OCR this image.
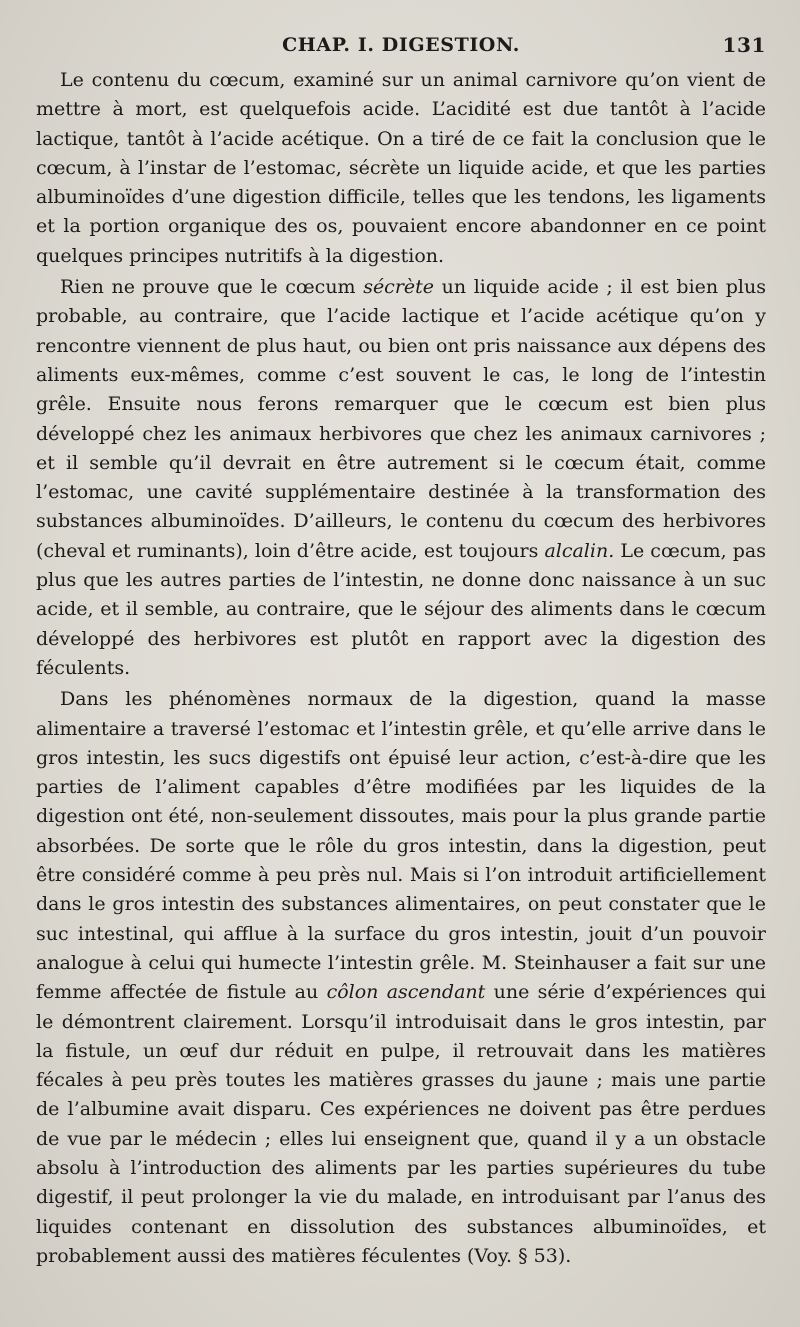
CHAP. I. DIGESTION.	131

Le contenu du cœcum, examiné sur un animal carnivore qu’on vient de mettre à mort, est quelquefois acide. L’acidité est due tantôt à l’acide lactique, tantôt à l’acide acétique. On a tiré de ce fait la conclusion que le cœcum, à l’instar de l’estomac, sécrète un liquide acide, et que les parties albuminoïdes d’une digestion difficile, telles que les tendons, les ligaments et la portion organique des os, pouvaient encore abandonner en ce point quelques principes nutritifs à la digestion.

Rien ne prouve que le cœcum sécrète un liquide acide ; il est bien plus probable, au contraire, que l’acide lactique et l’acide acétique qu’on y rencontre viennent de plus haut, ou bien ont pris naissance aux dépens des aliments eux-mêmes, comme c’est souvent le cas, le long de l’intestin grêle. Ensuite nous ferons remarquer que le cœcum est bien plus développé chez les animaux herbivores que chez les animaux carnivores ; et il semble qu’il devrait en être autrement si le cœcum était, comme l’estomac, une cavité supplémentaire destinée à la transformation des substances albuminoïdes. D’ailleurs, le contenu du cœcum des herbivores (cheval et ruminants), loin d’être acide, est toujours alcalin. Le cœcum, pas plus que les autres parties de l’intestin, ne donne donc naissance à un suc acide, et il semble, au contraire, que le séjour des aliments dans le cœcum développé des herbivores est plutôt en rapport avec la digestion des féculents.

Dans les phénomènes normaux de la digestion, quand la masse alimentaire a traversé l’estomac et l’intestin grêle, et qu’elle arrive dans le gros intestin, les sucs digestifs ont épuisé leur action, c’est-à-dire que les parties de l’aliment capables d’être modifiées par les liquides de la digestion ont été, non-seulement dissoutes, mais pour la plus grande partie absorbées. De sorte que le rôle du gros intestin, dans la digestion, peut être considéré comme à peu près nul. Mais si l’on introduit artificiellement dans le gros intestin des substances alimentaires, on peut constater que le suc intestinal, qui afflue à la surface du gros intestin, jouit d’un pouvoir analogue à celui qui humecte l’intestin grêle. M. Steinhauser a fait sur une femme affectée de fistule au côlon ascendant une série d’expériences qui le démontrent clairement. Lorsqu’il introduisait dans le gros intestin, par la fistule, un œuf dur réduit en pulpe, il retrouvait dans les matières fécales à peu près toutes les matières grasses du jaune ; mais une partie de l’albumine avait disparu. Ces expériences ne doivent pas être perdues de vue par le médecin ; elles lui enseignent que, quand il y a un obstacle absolu à l’introduction des aliments par les parties supérieures du tube digestif, il peut prolonger la vie du malade, en introduisant par l’anus des liquides contenant en dissolution des substances albuminoïdes, et probablement aussi des matières féculentes (Voy. § 53).
